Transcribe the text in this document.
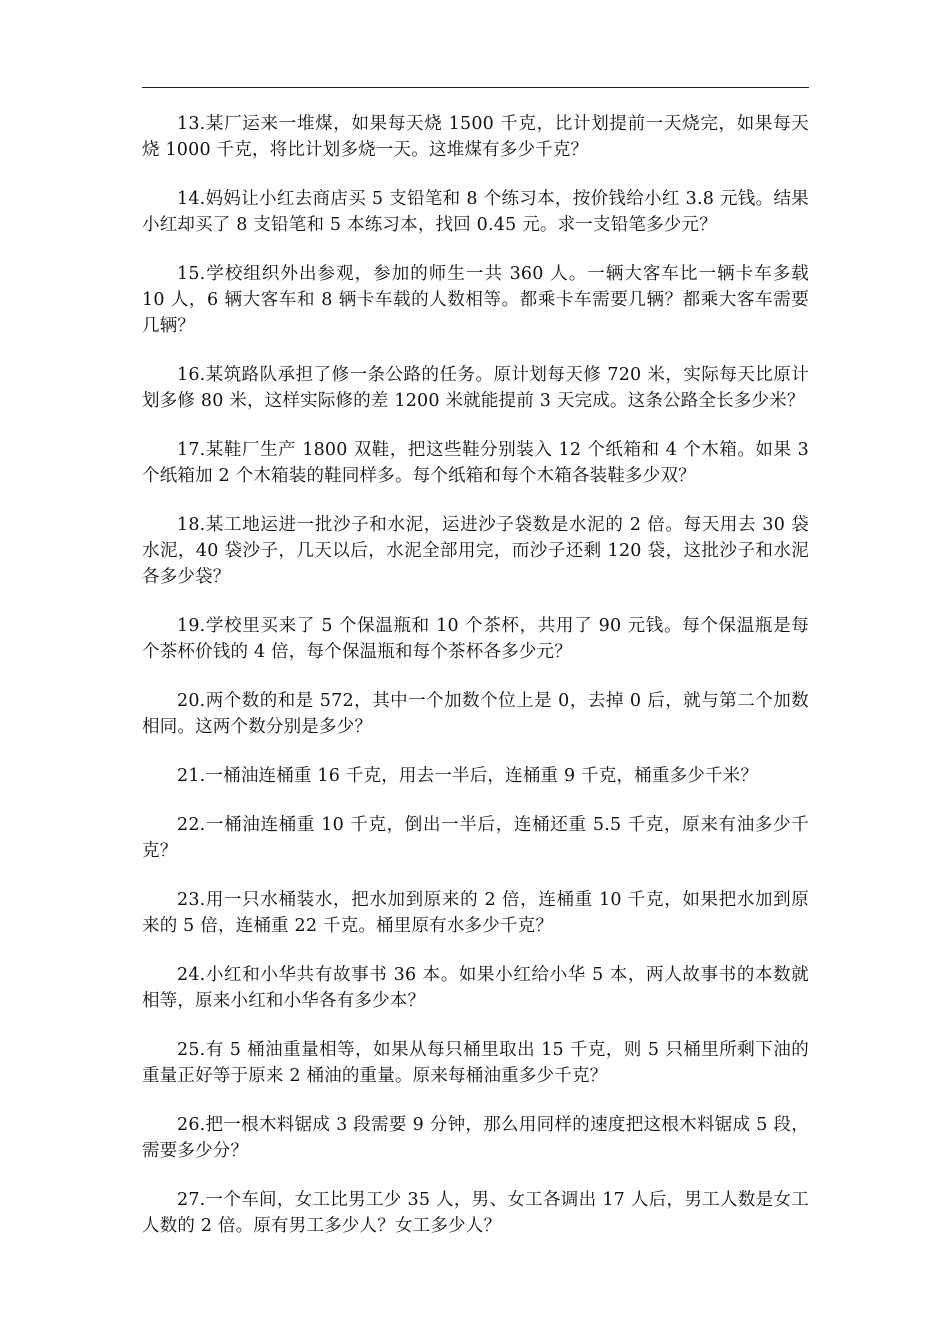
13.某厂运来一堆煤，如果每天烧 1500 千克，比计划提前一天烧完，如果每天烧 1000 千克，将比计划多烧一天。这堆煤有多少千克？

14.妈妈让小红去商店买 5 支铅笔和 8 个练习本，按价钱给小红 3.8 元钱。结果小红却买了 8 支铅笔和 5 本练习本，找回 0.45 元。求一支铅笔多少元？

15.学校组织外出参观，参加的师生一共 360 人。一辆大客车比一辆卡车多载 10 人，6 辆大客车和 8 辆卡车载的人数相等。都乘卡车需要几辆？都乘大客车需要几辆？

16.某筑路队承担了修一条公路的任务。原计划每天修 720 米，实际每天比原计划多修 80 米，这样实际修的差 1200 米就能提前 3 天完成。这条公路全长多少米？

17.某鞋厂生产 1800 双鞋，把这些鞋分别装入 12 个纸箱和 4 个木箱。如果 3 个纸箱加 2 个木箱装的鞋同样多。每个纸箱和每个木箱各装鞋多少双？

18.某工地运进一批沙子和水泥，运进沙子袋数是水泥的 2 倍。每天用去 30 袋水泥，40 袋沙子，几天以后，水泥全部用完，而沙子还剩 120 袋，这批沙子和水泥各多少袋？

19.学校里买来了 5 个保温瓶和 10 个茶杯，共用了 90 元钱。每个保温瓶是每个茶杯价钱的 4 倍，每个保温瓶和每个茶杯各多少元？

20.两个数的和是 572，其中一个加数个位上是 0，去掉 0 后，就与第二个加数相同。这两个数分别是多少？

21.一桶油连桶重 16 千克，用去一半后，连桶重 9 千克，桶重多少千米？

22.一桶油连桶重 10 千克，倒出一半后，连桶还重 5.5 千克，原来有油多少千克？

23.用一只水桶装水，把水加到原来的 2 倍，连桶重 10 千克，如果把水加到原来的 5 倍，连桶重 22 千克。桶里原有水多少千克？

24.小红和小华共有故事书 36 本。如果小红给小华 5 本，两人故事书的本数就相等，原来小红和小华各有多少本？

25.有 5 桶油重量相等，如果从每只桶里取出 15 千克，则 5 只桶里所剩下油的重量正好等于原来 2 桶油的重量。原来每桶油重多少千克？

26.把一根木料锯成 3 段需要 9 分钟，那么用同样的速度把这根木料锯成 5 段，需要多少分？

27.一个车间，女工比男工少 35 人，男、女工各调出 17 人后，男工人数是女工人数的 2 倍。原有男工多少人？女工多少人？
